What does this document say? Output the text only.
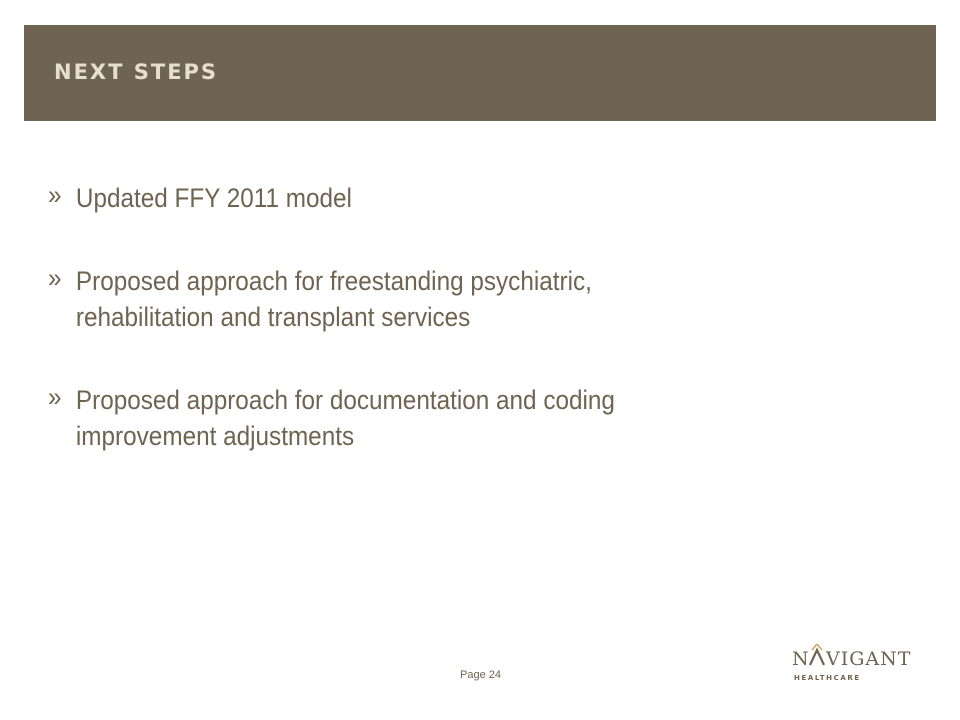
NEXT STEPS
» Updated FFY 2011 model
» Proposed approach for freestanding psychiatric,
rehabilitation and transplant services
» Proposed approach for documentation and coding
improvement adjustments
Page 24
N VIGANT
HEALTHCARE
